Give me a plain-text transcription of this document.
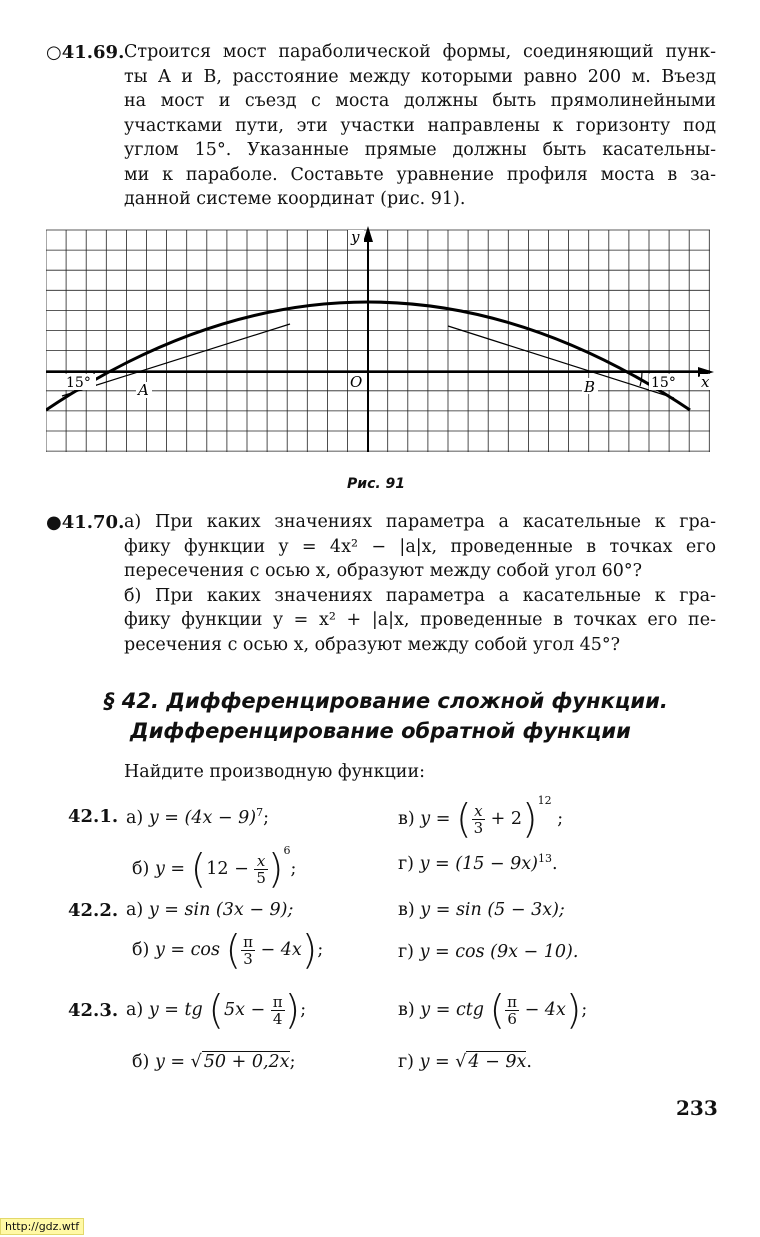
○41.69. Строится мост параболической формы, соединяющий пунк-
ты A и B, расстояние между которыми равно 200 м. Въезд
на мост и съезд с моста должны быть прямолинейными
участками пути, эти участки направлены к горизонту под
углом 15°. Указанные прямые должны быть касательны-
ми к параболе. Составьте уравнение профиля моста в за-
данной системе координат (рис. 91).
15°	15°
A	B
O	x
y
Рис. 91
●41.70. а) При каких значениях параметра a касательные к гра-
фику функции y = 4x² − |a|x, проведенные в точках его
пересечения с осью x, образуют между собой угол 60°?
б) При каких значениях параметра a касательные к гра-
фику функции y = x² + |a|x, проведенные в точках его пе-
ресечения с осью x, образуют между собой угол 45°?
§ 42. Дифференцирование сложной функции.
Дифференцирование обратной функции
Найдите производную функции:
42.1. а) $y = (4x - 9)^7$;	в) y = ( $\frac{x}{3} + 2)^{12}$ ;
б) $y = (12 - \frac{x}{5} )^6$;	г) $y = (15 - 9x)^{13}$.
42.2. а) y = sin (3x − 9);	в) y = sin (5 − 3x);
б) y = cos ( $\frac{\pi}{3} - 4x$);	г) y = cos (9x − 10).
42.3. а) y = tg ($5x - \frac{\pi}{4}$ );	в) y = ctg ( $\frac{\pi}{6} - 4x$);
б) y = √ 50 + 0,2x;	г) y = √ 4 − 9x.
233
http://gdz.wtf
